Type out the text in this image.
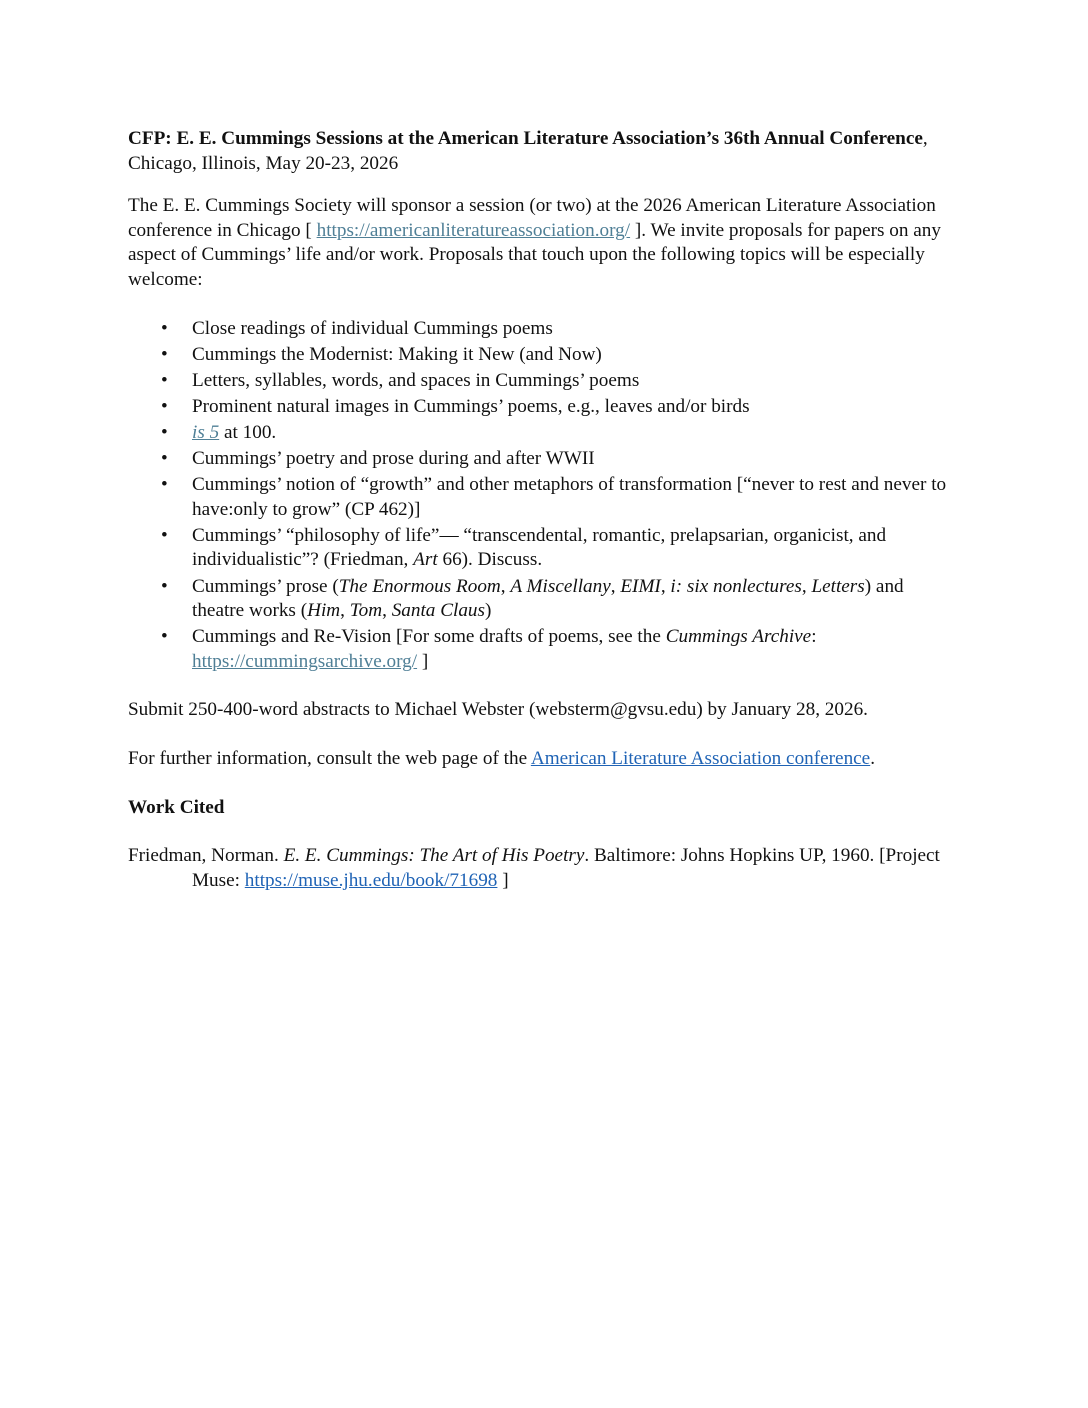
CFP: E. E. Cummings Sessions at the American Literature Association’s 36th Annual Conference, Chicago, Illinois, May 20-23, 2026

The E. E. Cummings Society will sponsor a session (or two) at the 2026 American Literature Association conference in Chicago [ https://americanliteratureassociation.org/ ]. We invite proposals for papers on any aspect of Cummings’ life and/or work. Proposals that touch upon the following topics will be especially welcome:

• Close readings of individual Cummings poems
• Cummings the Modernist: Making it New (and Now)
• Letters, syllables, words, and spaces in Cummings’ poems
• Prominent natural images in Cummings’ poems, e.g., leaves and/or birds
• is 5 at 100.
• Cummings’ poetry and prose during and after WWII
• Cummings’ notion of “growth” and other metaphors of transformation [“never to rest and never to have:only to grow” (CP 462)]
• Cummings’ “philosophy of life”— “transcendental, romantic, prelapsarian, organicist, and individualistic”? (Friedman, Art 66). Discuss.
• Cummings’ prose (The Enormous Room, A Miscellany, EIMI, i: six nonlectures, Letters) and theatre works (Him, Tom, Santa Claus)
• Cummings and Re-Vision [For some drafts of poems, see the Cummings Archive: https://cummingsarchive.org/ ]

Submit 250-400-word abstracts to Michael Webster (websterm@gvsu.edu) by January 28, 2026.

For further information, consult the web page of the American Literature Association conference.

Work Cited

Friedman, Norman. E. E. Cummings: The Art of His Poetry. Baltimore: Johns Hopkins UP, 1960. [Project Muse: https://muse.jhu.edu/book/71698 ]
